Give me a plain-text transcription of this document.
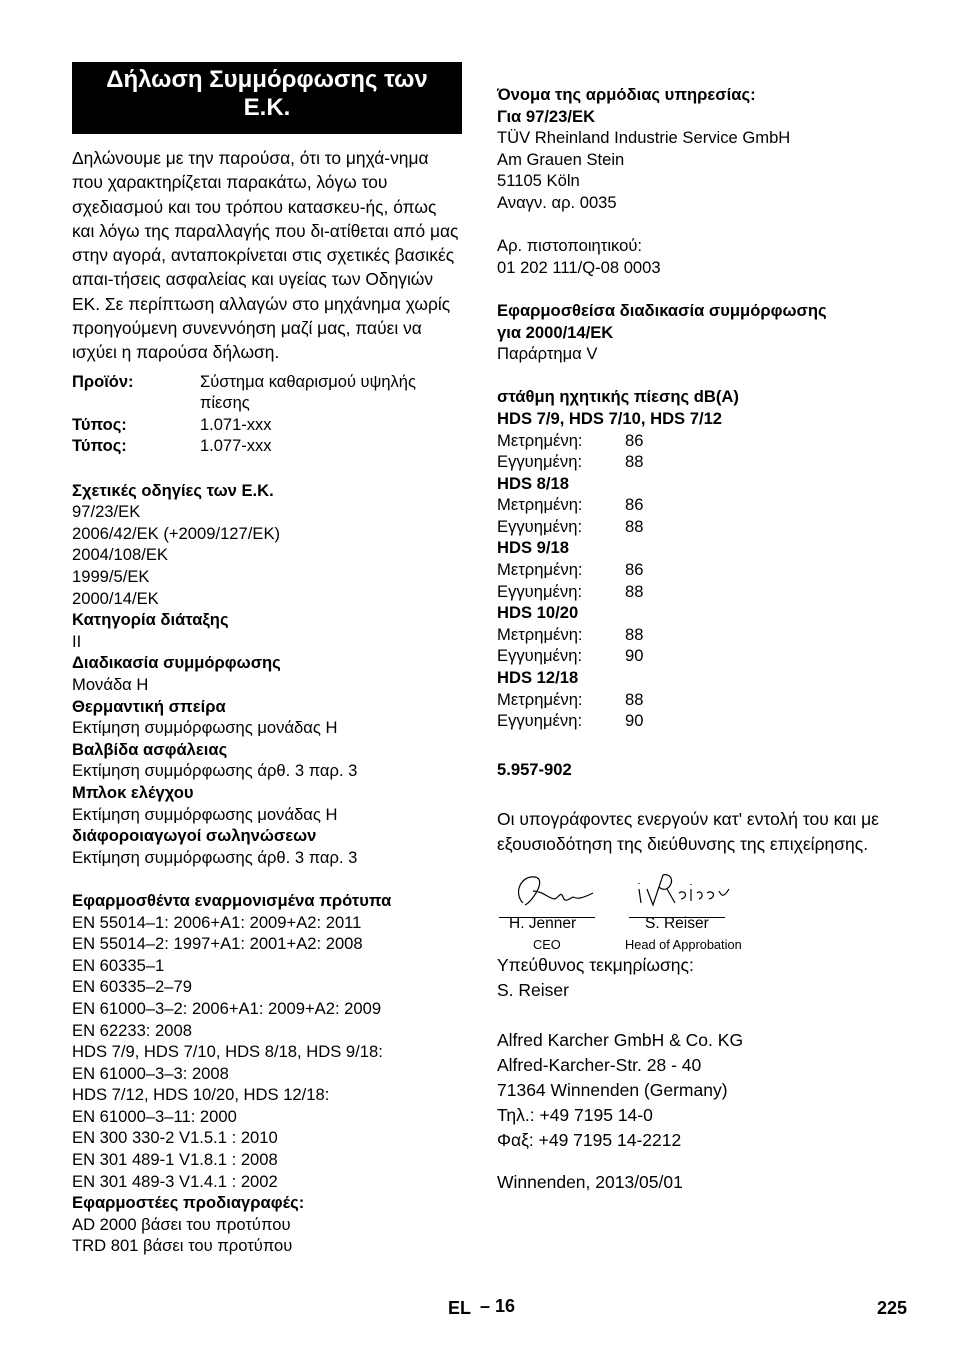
Δήλωση Συμμόρφωσης των Ε.Κ.

Δηλώνουμε με την παρούσα, ότι το μηχά-νημα που χαρακτηρίζεται παρακάτω, λόγω του σχεδιασμού και του τρόπου κατασκευ-ής, όπως και λόγω της παραλλαγής που δι-ατίθεται από μας στην αγορά, ανταποκρίνεται στις σχετικές βασικές απαι-τήσεις ασφαλείας και υγείας των Οδηγιών ΕΚ. Σε περίπτωση αλλαγών στο μηχάνημα χωρίς προηγούμενη συνεννόηση μαζί μας, παύει να ισχύει η παρούσα δήλωση.

Προϊόν:	Σύστημα καθαρισμού υψηλής πίεσης
Τύπος:	1.071-xxx
Τύπος:	1.077-xxx
Σχετικές οδηγίες των Ε.Κ.
97/23/EK
2006/42/EK (+2009/127/EK)
2004/108/EK
1999/5/EK
2000/14/EK
Κατηγορία διάταξης
II
Διαδικασία συμμόρφωσης
Μονάδα H
Θερμαντική σπείρα
Εκτίμηση συμμόρφωσης μονάδας H
Βαλβίδα ασφάλειας
Εκτίμηση συμμόρφωσης άρθ. 3 παρ. 3
Μπλοκ ελέγχου
Εκτίμηση συμμόρφωσης μονάδας H
διάφοροιαγωγοί σωληνώσεων
Εκτίμηση συμμόρφωσης άρθ. 3 παρ. 3
Εφαρμοσθέντα εναρμονισμένα πρότυπα
EN 55014–1: 2006+A1: 2009+A2: 2011
EN 55014–2: 1997+A1: 2001+A2: 2008
EN 60335–1
EN 60335–2–79
EN 61000–3–2: 2006+A1: 2009+A2: 2009
EN 62233: 2008
HDS 7/9, HDS 7/10, HDS 8/18, HDS 9/18:
EN 61000–3–3: 2008
HDS 7/12, HDS 10/20, HDS 12/18:
EN 61000–3–11: 2000
EN 300 330-2 V1.5.1 : 2010
EN 301 489-1 V1.8.1 : 2008
EN 301 489-3 V1.4.1 : 2002
Εφαρμοστέες προδιαγραφές:
AD 2000 βάσει του προτύπου
TRD 801 βάσει του προτύπου
Όνομα της αρμόδιας υπηρεσίας:
Για 97/23/EK
TÜV Rheinland Industrie Service GmbH
Am Grauen Stein
51105 Köln
Αναγν. αρ. 0035
Αρ. πιστοποιητικού:
01 202 111/Q-08 0003
Εφαρμοσθείσα διαδικασία συμμόρφωσης
για 2000/14/EK
Παράρτημα V
στάθμη ηχητικής πίεσης dB(A)
HDS 7/9, HDS 7/10, HDS 7/12
Μετρημένη:	86
Εγγυημένη:	88
HDS 8/18
Μετρημένη:	86
Εγγυημένη:	88
HDS 9/18
Μετρημένη:	86
Εγγυημένη:	88
HDS 10/20
Μετρημένη:	88
Εγγυημένη:	90
HDS 12/18
Μετρημένη:	88
Εγγυημένη:	90
5.957-902

Οι υπογράφοντες ενεργούν κατ' εντολή του και με εξουσιοδότηση της διεύθυνσης της επιχείρησης.

H. Jenner
CEO
S. Reiser
Head of Approbation
Υπεύθυνος τεκμηρίωσης:
S. Reiser
Alfred Karcher GmbH & Co. KG
Alfred-Karcher-Str. 28 - 40
71364 Winnenden (Germany)
Τηλ.: +49 7195 14-0
Φαξ: +49 7195 14-2212
Winnenden, 2013/05/01
EL – 16	225
